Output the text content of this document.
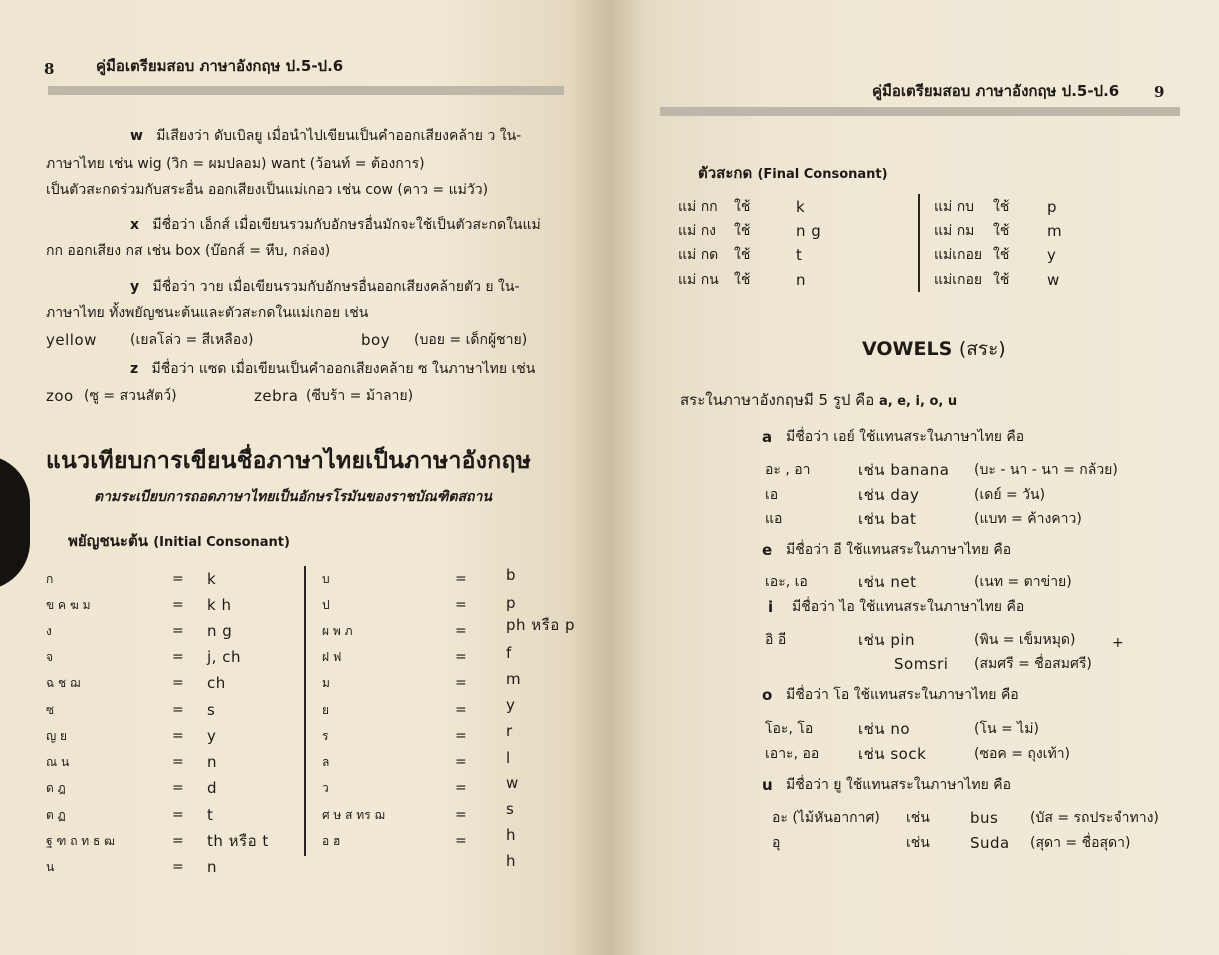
8	คู่มือเตรียมสอบ ภาษาอังกฤษ ป.5-ป.6
w มีเสียงว่า ดับเบิลยู เมื่อนำไปเขียนเป็นคำออกเสียงคล้าย ว ใน-
ภาษาไทย เช่น wig (วิก = ผมปลอม) want (ว้อนท์ = ต้องการ)
เป็นตัวสะกดร่วมกับสระอื่น ออกเสียงเป็นแม่เกอว เช่น cow (คาว = แม่วัว)
x มีชื่อว่า เอ็กส์ เมื่อเขียนรวมกับอักษรอื่นมักจะใช้เป็นตัวสะกดในแม่
กก ออกเสียง กส เช่น box (บ๊อกส์ = หีบ, กล่อง)
y มีชื่อว่า วาย เมื่อเขียนรวมกับอักษรอื่นออกเสียงคล้ายตัว ย ใน-
ภาษาไทย ทั้งพยัญชนะต้นและตัวสะกดในแม่เกอย เช่น
yellow (เยลโล่ว = สีเหลือง)	boy (บอย = เด็กผู้ชาย)
z มีชื่อว่า แซด เมื่อเขียนเป็นคำออกเสียงคล้าย ซ ในภาษาไทย เช่น
zoo (ซู = สวนสัตว์)	zebra (ซีบร้า = ม้าลาย)
แนวเทียบการเขียนชื่อภาษาไทยเป็นภาษาอังกฤษ
ตามระเบียบการถอดภาษาไทยเป็นอักษรโรมันของราชบัณฑิตสถาน
พยัญชนะต้น (Initial Consonant)
ก	= k
ข ค ฆ ม	= k h
ง	= n g
จ	= j, ch
ฉ ช ฌ	= ch
ซ	= s
ญ ย	= y
ณ น	= n
ด ฎ	= d
ต ฏ	= t
ฐ ฑ ถ ท ธ ฒ	= th หรือ t
น	= n
บ	=	b
ป	=	p
ผ พ ภ	=	ph หรือ p
ฝ ฟ	=	f
ม	=	m
ย	=	y
ร	=	r
ล	=	l
ว	=	w
ศ ษ ส ทร ฌ	=	s
อ ฮ	=	h
h
คู่มือเตรียมสอบ ภาษาอังกฤษ ป.5-ป.6 9
ตัวสะกด (Final Consonant)
แม่ กก ใช้	k
แม่ กง ใช้	n g
แม่ กด ใช้	t
แม่ กน ใช้	n
แม่ กบ ใช้	p
แม่ กม ใช้	m
แม่เกอย ใช้	y
แม่เกอย ใช้	w
VOWELS (สระ)
สระในภาษาอังกฤษมี 5 รูป คือ a, e, i, o, u
a มีชื่อว่า เอย์ ใช้แทนสระในภาษาไทย คือ
อะ , อา	เช่น banana (บะ - นา - นา = กล้วย)
เอ	เช่น day	(เดย์ = วัน)
แอ	เช่น bat	(แบท = ค้างคาว)
e มีชื่อว่า อี ใช้แทนสระในภาษาไทย คือ
เอะ, เอ	เช่น net	(เนท = ตาข่าย)
i มีชื่อว่า ไอ ใช้แทนสระในภาษาไทย คือ
อิ อี	เช่น pin	(พิน = เข็มหมุด)
Somsri (สมศรี = ชื่อสมศรี)
o มีชื่อว่า โอ ใช้แทนสระในภาษาไทย คือ
โอะ, โอ	เช่น no	(โน = ไม่)
เอาะ, ออ	เช่น sock	(ซอค = ถุงเท้า)
u มีชื่อว่า ยู ใช้แทนสระในภาษาไทย คือ
อะ (ไม้หันอากาศ) เช่น	bus (บัส = รถประจำทาง)
อุ	เช่น	Suda (สุดา = ชื่อสุดา)
+
